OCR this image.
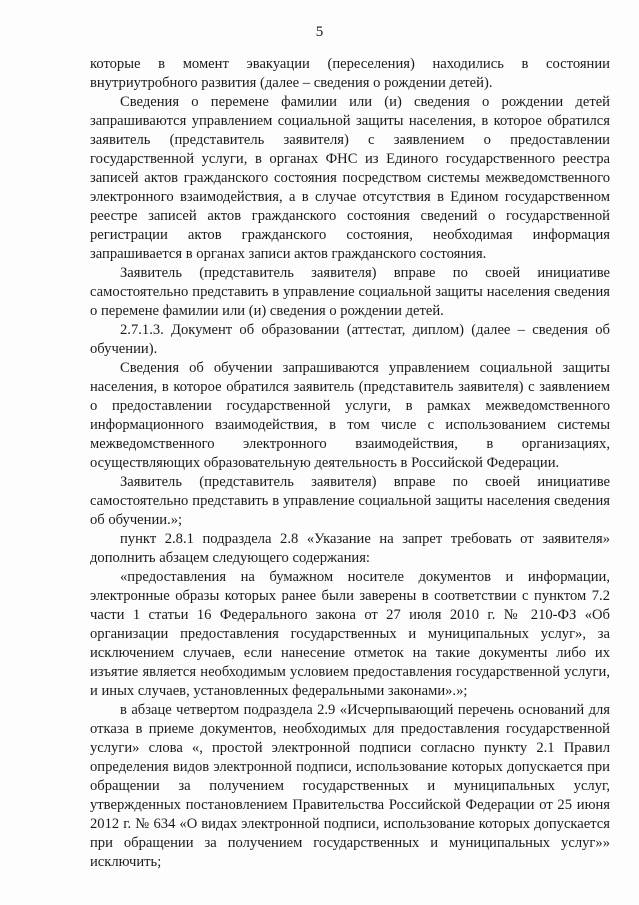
5

которые в момент эвакуации (переселения) находились в состоянии внутриутробного развития (далее – сведения о рождении детей).

Сведения о перемене фамилии или (и) сведения о рождении детей запрашиваются управлением социальной защиты населения, в которое обратился заявитель (представитель заявителя) с заявлением о предоставлении государственной услуги, в органах ФНС из Единого государственного реестра записей актов гражданского состояния посредством системы межведомственного электронного взаимодействия, а в случае отсутствия в Едином государственном реестре записей актов гражданского состояния сведений о государственной регистрации актов гражданского состояния, необходимая информация запрашивается в органах записи актов гражданского состояния.

Заявитель (представитель заявителя) вправе по своей инициативе самостоятельно представить в управление социальной защиты населения сведения о перемене фамилии или (и) сведения о рождении детей.

2.7.1.3. Документ об образовании (аттестат, диплом) (далее – сведения об обучении).

Сведения об обучении запрашиваются управлением социальной защиты населения, в которое обратился заявитель (представитель заявителя) с заявлением о предоставлении государственной услуги, в рамках межведомственного информационного взаимодействия, в том числе с использованием системы межведомственного электронного взаимодействия, в организациях, осуществляющих образовательную деятельность в Российской Федерации.

Заявитель (представитель заявителя) вправе по своей инициативе самостоятельно представить в управление социальной защиты населения сведения об обучении.»;

пункт 2.8.1 подраздела 2.8 «Указание на запрет требовать от заявителя» дополнить абзацем следующего содержания:

«предоставления на бумажном носителе документов и информации, электронные образы которых ранее были заверены в соответствии с пунктом 7.2 части 1 статьи 16 Федерального закона от 27 июля 2010 г. № 210-ФЗ «Об организации предоставления государственных и муниципальных услуг», за исключением случаев, если нанесение отметок на такие документы либо их изъятие является необходимым условием предоставления государственной услуги, и иных случаев, установленных федеральными законами».»;

в абзаце четвертом подраздела 2.9 «Исчерпывающий перечень оснований для отказа в приеме документов, необходимых для предоставления государственной услуги» слова «, простой электронной подписи согласно пункту 2.1 Правил определения видов электронной подписи, использование которых допускается при обращении за получением государственных и муниципальных услуг, утвержденных постановлением Правительства Российской Федерации от 25 июня 2012 г. № 634 «О видах электронной подписи, использование которых допускается при обращении за получением государственных и муниципальных услуг»» исключить;
